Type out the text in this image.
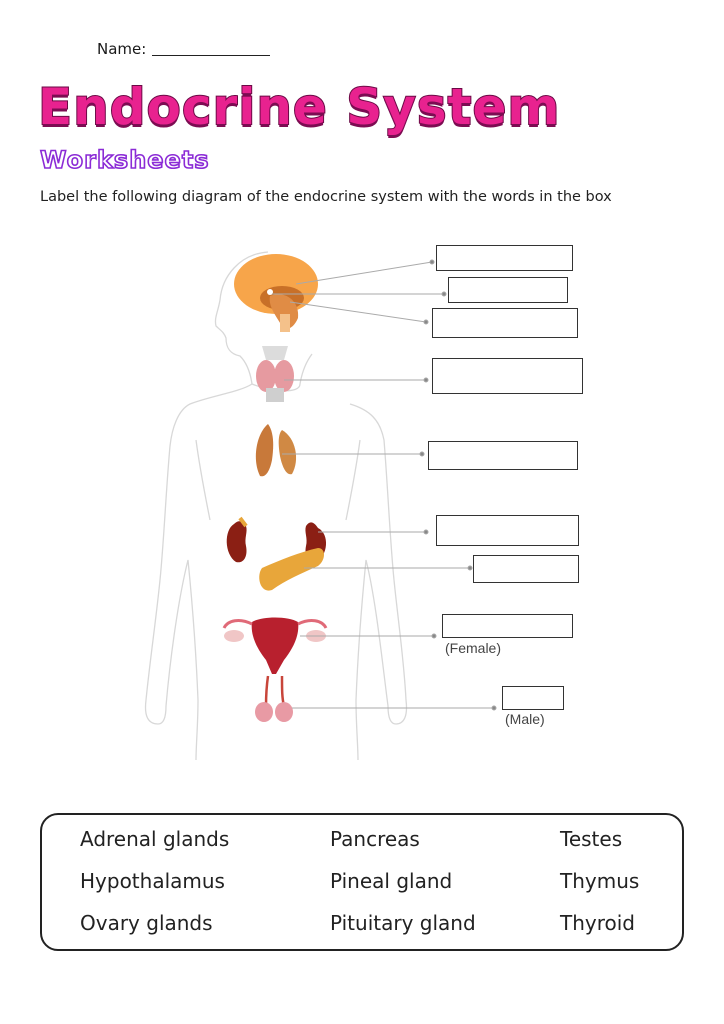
Name:
Endocrine System
Worksheets
Label the following diagram of the endocrine system with the words in the box
(Female)
(Male)
Adrenal glands	Pancreas	Testes
Hypothalamus	Pineal gland	Thymus
Ovary glands	Pituitary gland	Thyroid
